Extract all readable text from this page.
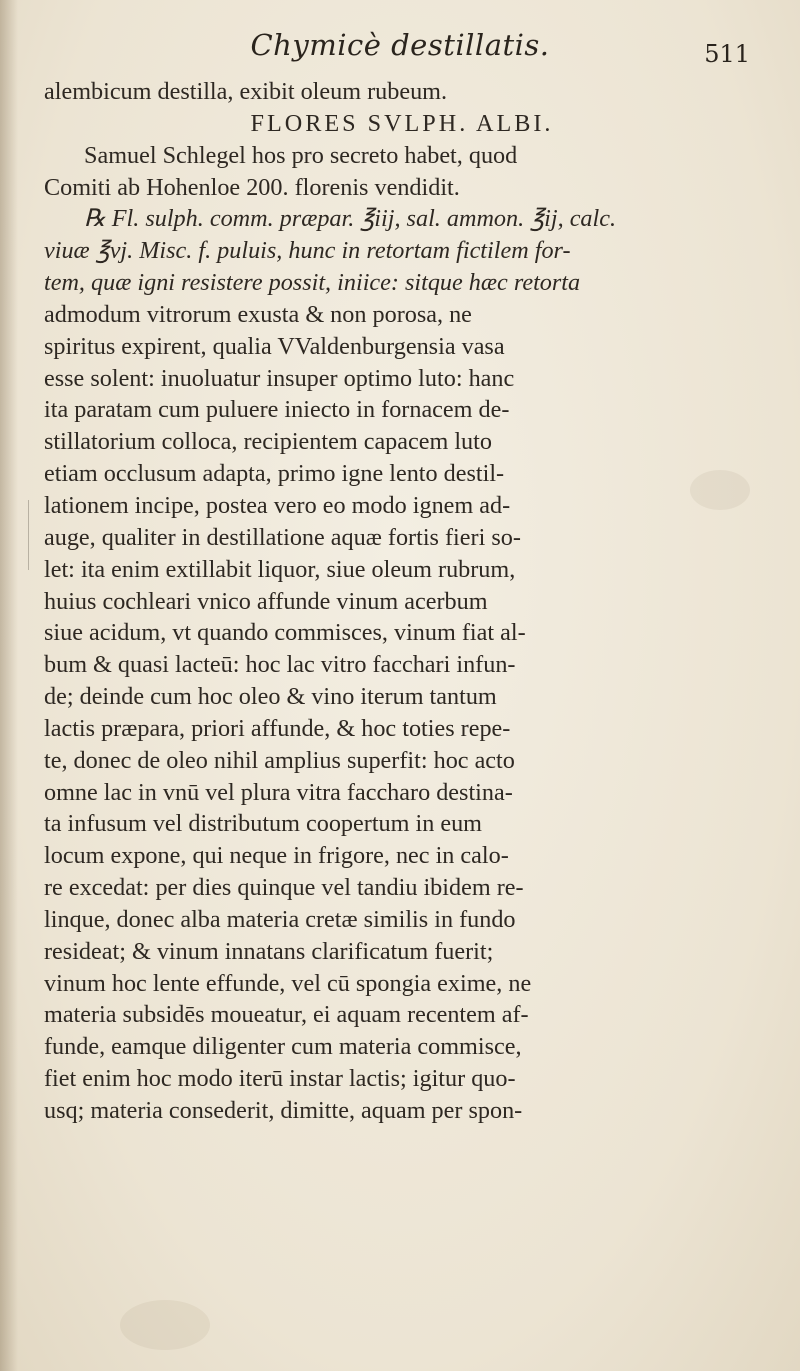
Chymicè destillatis.	511
alembicum destilla, exibit oleum rubeum.
FLORES SVLPH. ALBI.
Samuel Schlegel hos pro secreto habet, quod
Comiti ab Hohenloe 200. florenis vendidit.
℞ Fl. sulph. comm. præpar. ℥iij, sal. ammon. ℥ij, calc.
viuæ ℥vj. Misc. f. puluis, hunc in retortam fictilem for-
tem, quæ igni resistere possit, iniice: sitque hæc retorta
admodum vitrorum exusta & non porosa, ne
spiritus expirent, qualia VValdenburgensia vasa
esse solent: inuoluatur insuper optimo luto: hanc
ita paratam cum puluere iniecto in fornacem de-
stillatorium colloca, recipientem capacem luto
etiam occlusum adapta, primo igne lento destil-
lationem incipe, postea vero eo modo ignem ad-
auge, qualiter in destillatione aquæ fortis fieri so-
let: ita enim extillabit liquor, siue oleum rubrum,
huius cochleari vnico affunde vinum acerbum
siue acidum, vt quando commisces, vinum fiat al-
bum & quasi lacteū: hoc lac vitro facchari infun-
de; deinde cum hoc oleo & vino iterum tantum
lactis præpara, priori affunde, & hoc toties repe-
te, donec de oleo nihil amplius superfit: hoc acto
omne lac in vnū vel plura vitra faccharo destina-
ta infusum vel distributum coopertum in eum
locum expone, qui neque in frigore, nec in calo-
re excedat: per dies quinque vel tandiu ibidem re-
linque, donec alba materia cretæ similis in fundo
resideat; & vinum innatans clarificatum fuerit;
vinum hoc lente effunde, vel cū spongia exime, ne
materia subsidēs moueatur, ei aquam recentem af-
funde, eamque diligenter cum materia commisce,
fiet enim hoc modo iterū instar lactis; igitur quo-
usq; materia consederit, dimitte, aquam per spon-
